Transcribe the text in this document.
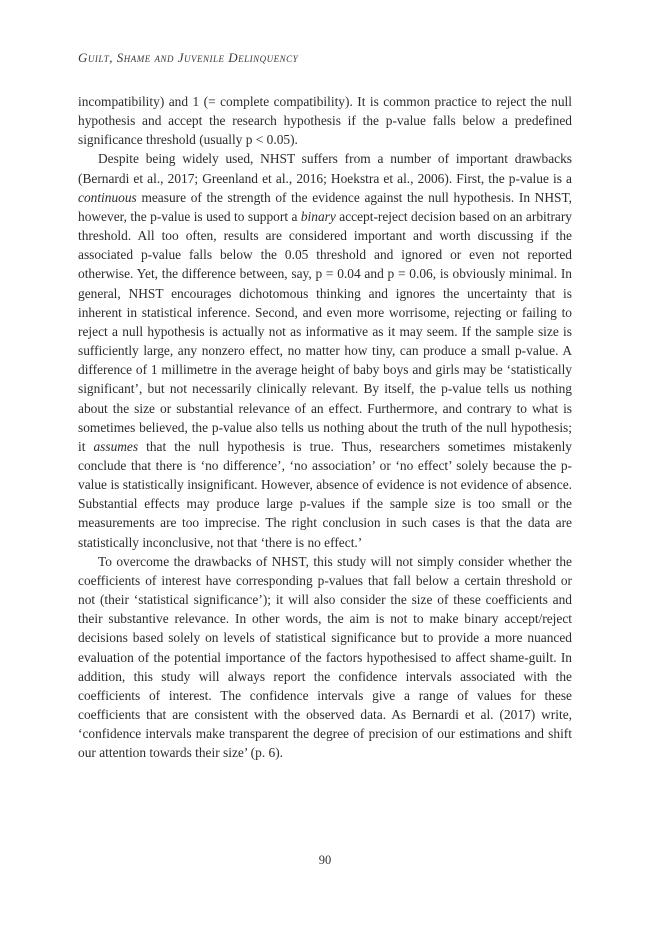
Guilt, Shame and Juvenile Delinquency

incompatibility) and 1 (= complete compatibility). It is common practice to reject the null hypothesis and accept the research hypothesis if the p-value falls below a predefined significance threshold (usually p < 0.05).

Despite being widely used, NHST suffers from a number of important drawbacks (Bernardi et al., 2017; Greenland et al., 2016; Hoekstra et al., 2006). First, the p-value is a continuous measure of the strength of the evidence against the null hypothesis. In NHST, however, the p-value is used to support a binary accept-reject decision based on an arbitrary threshold. All too often, results are considered important and worth discussing if the associated p-value falls below the 0.05 threshold and ignored or even not reported otherwise. Yet, the difference between, say, p = 0.04 and p = 0.06, is obviously minimal. In general, NHST encourages dichotomous thinking and ignores the uncertainty that is inherent in statistical inference. Second, and even more worrisome, rejecting or failing to reject a null hypothesis is actually not as informative as it may seem. If the sample size is sufficiently large, any nonzero effect, no matter how tiny, can produce a small p-value. A difference of 1 millimetre in the average height of baby boys and girls may be ‘statistically significant’, but not necessarily clinically relevant. By itself, the p-value tells us nothing about the size or substantial relevance of an effect. Furthermore, and contrary to what is sometimes believed, the p-value also tells us nothing about the truth of the null hypothesis; it assumes that the null hypothesis is true. Thus, researchers sometimes mistakenly conclude that there is ‘no difference’, ‘no association’ or ‘no effect’ solely because the p-value is statistically insignificant. However, absence of evidence is not evidence of absence. Substantial effects may produce large p-values if the sample size is too small or the measurements are too imprecise. The right conclusion in such cases is that the data are statistically inconclusive, not that ‘there is no effect.’

To overcome the drawbacks of NHST, this study will not simply consider whether the coefficients of interest have corresponding p-values that fall below a certain threshold or not (their ‘statistical significance’); it will also consider the size of these coefficients and their substantive relevance. In other words, the aim is not to make binary accept/reject decisions based solely on levels of statistical significance but to provide a more nuanced evaluation of the potential importance of the factors hypothesised to affect shame-guilt. In addition, this study will always report the confidence intervals associated with the coefficients of interest. The confidence intervals give a range of values for these coefficients that are consistent with the observed data. As Bernardi et al. (2017) write, ‘confidence intervals make transparent the degree of precision of our estimations and shift our attention towards their size’ (p. 6).

90
